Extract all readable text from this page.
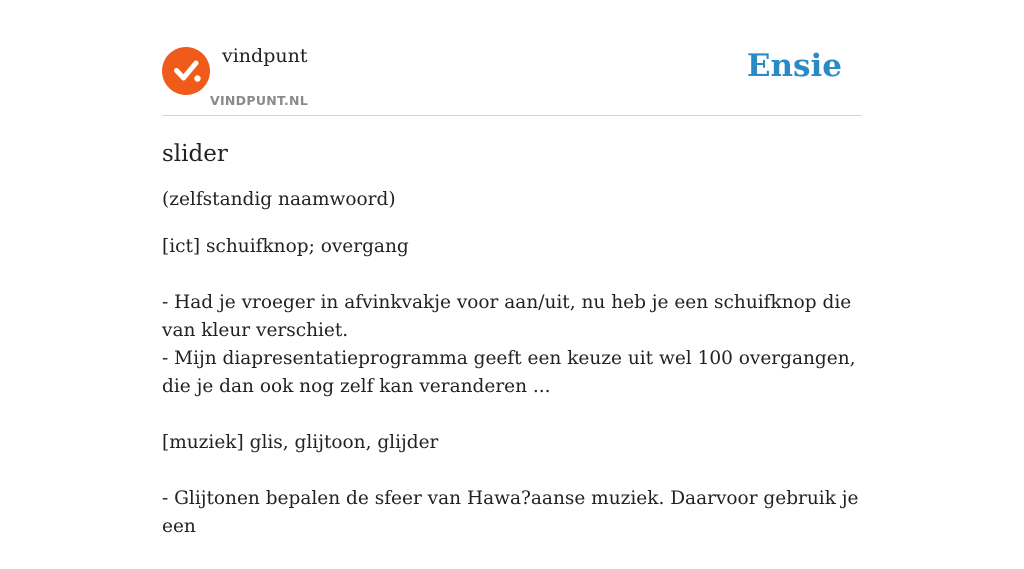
vindpunt
VINDPUNT.NL
Ensie
slider
(zelfstandig naamwoord)
[ict] schuifknop; overgang
- Had je vroeger in afvinkvakje voor aan/uit, nu heb je een schuifknop die van kleur verschiet.
- Mijn diapresentatieprogramma geeft een keuze uit wel 100 overgangen, die je dan ook nog zelf kan veranderen ...
[muziek] glis, glijtoon, glijder
- Glijtonen bepalen de sfeer van Hawa?aanse muziek. Daarvoor gebruik je een
